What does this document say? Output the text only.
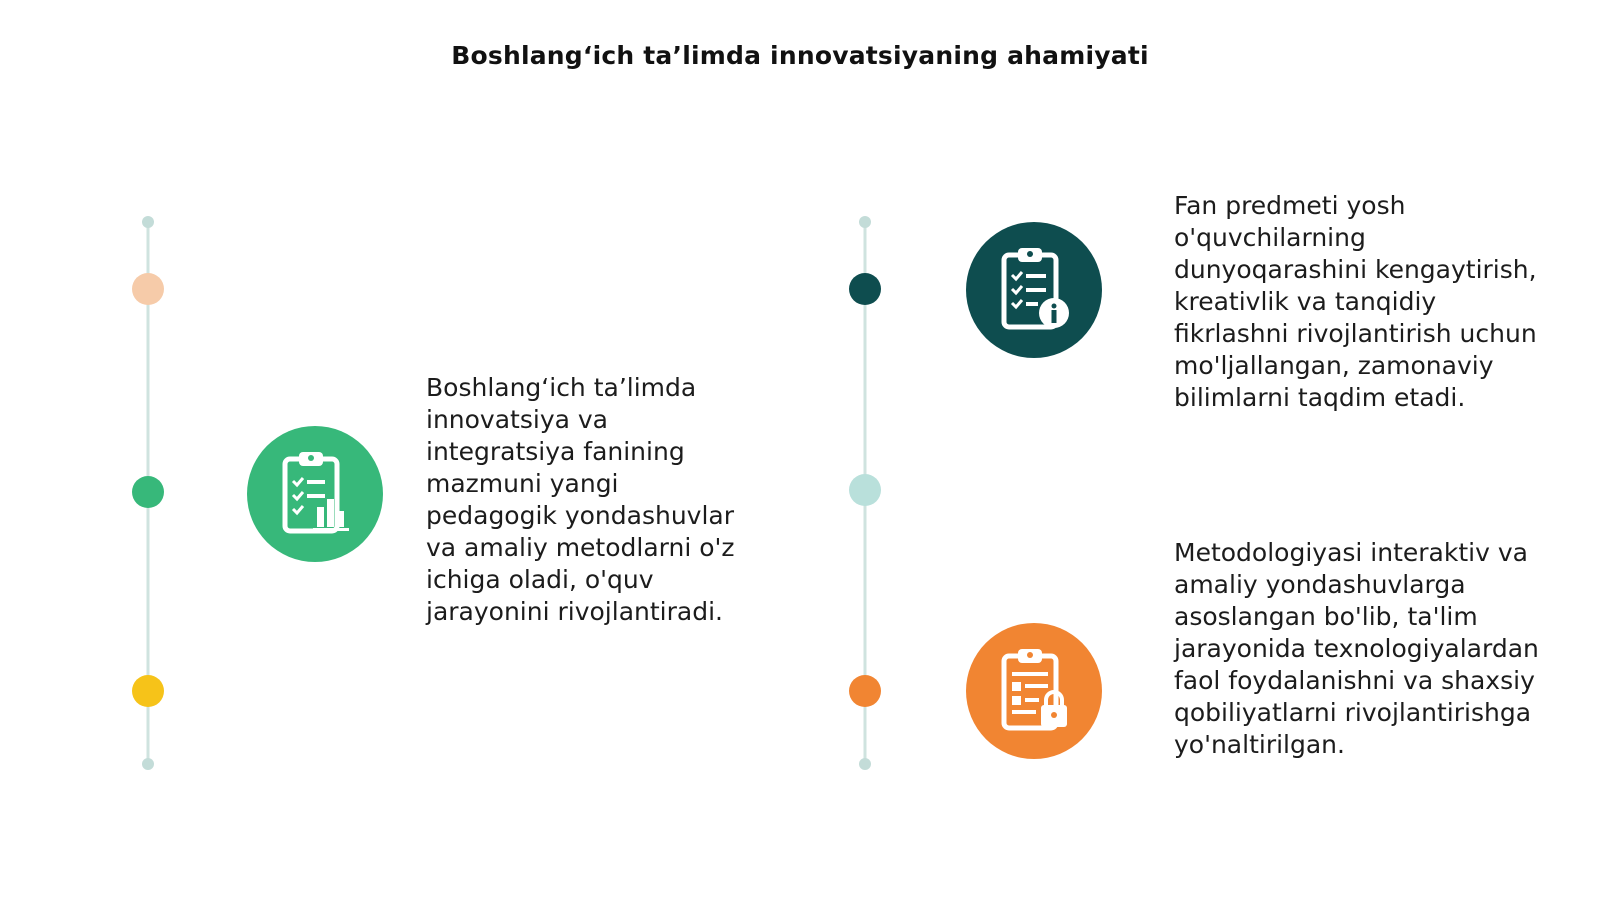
Boshlang‘ich ta’limda innovatsiyaning ahamiyati

Boshlang‘ich ta’limda innovatsiya va integratsiya fanining mazmuni yangi pedagogik yondashuvlar va amaliy metodlarni o'z ichiga oladi, o'quv jarayonini rivojlantiradi.

Fan predmeti yosh o'quvchilarning dunyoqarashini kengaytirish, kreativlik va tanqidiy fikrlashni rivojlantirish uchun mo'ljallangan, zamonaviy bilimlarni taqdim etadi.

Metodologiyasi interaktiv va amaliy yondashuvlarga asoslangan bo'lib, ta'lim jarayonida texnologiyalardan faol foydalanishni va shaxsiy qobiliyatlarni rivojlantirishga yo'naltirilgan.
